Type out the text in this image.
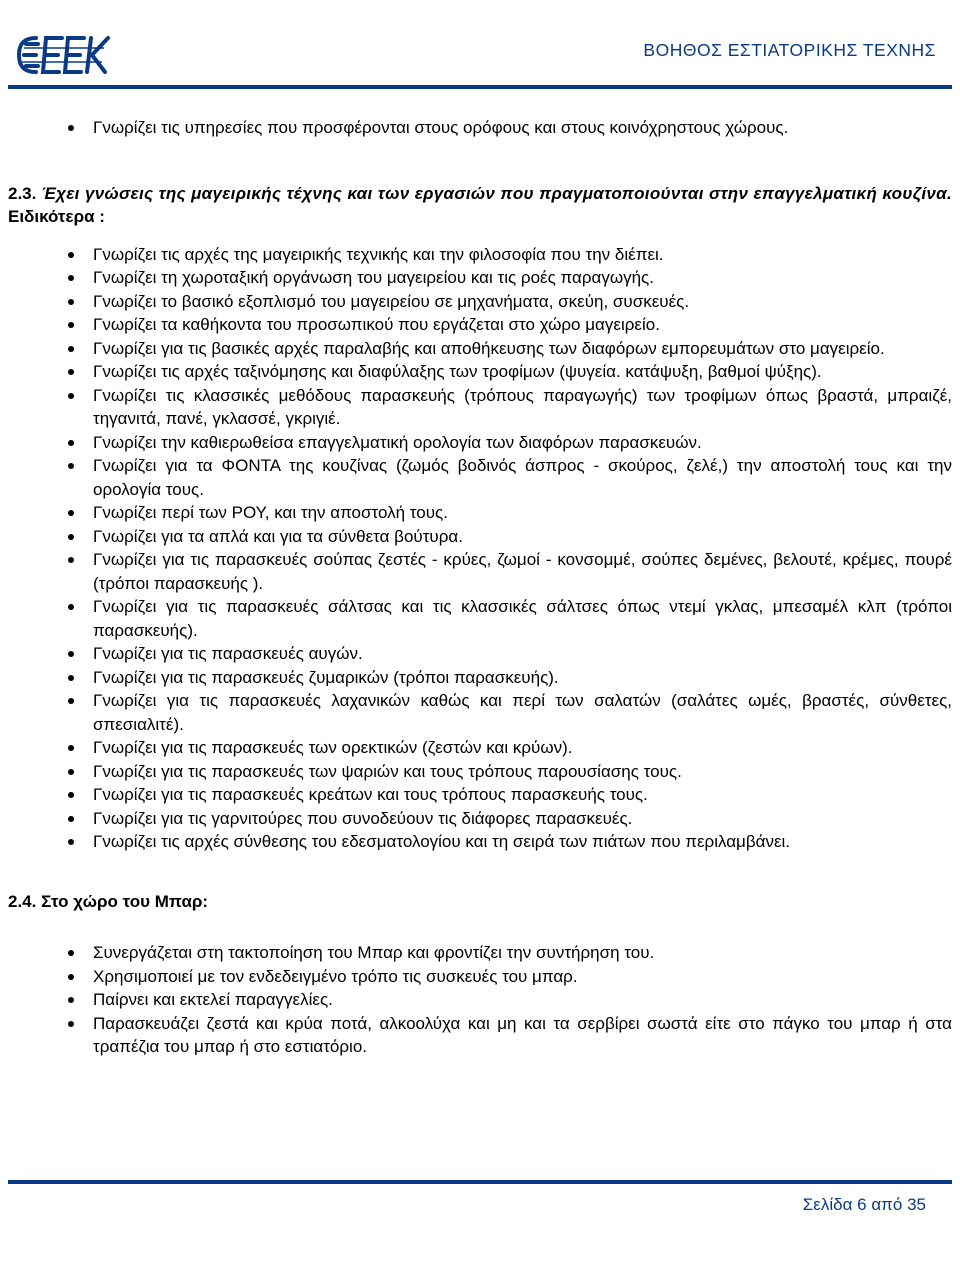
ΒΟΗΘΟΣ ΕΣΤΙΑΤΟΡΙΚΗΣ ΤΕΧΝΗΣ
Γνωρίζει τις υπηρεσίες που προσφέρονται στους ορόφους και στους κοινόχρηστους χώρους.
2.3. Έχει γνώσεις της μαγειρικής τέχνης και των εργασιών που πραγματοποιούνται στην επαγγελματική κουζίνα. Ειδικότερα :
Γνωρίζει τις αρχές της μαγειρικής τεχνικής και την φιλοσοφία που την διέπει.
Γνωρίζει τη χωροταξική οργάνωση του μαγειρείου και τις ροές παραγωγής.
Γνωρίζει το βασικό εξοπλισμό του μαγειρείου σε μηχανήματα, σκεύη, συσκευές.
Γνωρίζει τα καθήκοντα του προσωπικού που εργάζεται στο χώρο μαγειρείο.
Γνωρίζει για τις βασικές αρχές παραλαβής και αποθήκευσης των διαφόρων εμπορευμάτων στο μαγειρείο.
Γνωρίζει τις αρχές ταξινόμησης και διαφύλαξης των τροφίμων (ψυγεία. κατάψυξη, βαθμοί ψύξης).
Γνωρίζει τις κλασσικές μεθόδους παρασκευής (τρόπους παραγωγής) των τροφίμων όπως βραστά, μπραιζέ, τηγανιτά, πανέ, γκλασσέ, γκριγιέ.
Γνωρίζει την καθιερωθείσα επαγγελματική ορολογία των διαφόρων παρασκευών.
Γνωρίζει για τα ΦΟΝΤΑ της κουζίνας (ζωμός βοδινός άσπρος - σκούρος, ζελέ,) την αποστολή τους και την ορολογία τους.
Γνωρίζει περί των ΡΟΥ, και την αποστολή τους.
Γνωρίζει για τα απλά και για τα σύνθετα βούτυρα.
Γνωρίζει για τις παρασκευές σούπας ζεστές - κρύες, ζωμοί - κονσομμέ, σούπες δεμένες, βελουτέ, κρέμες, πουρέ (τρόποι παρασκευής ).
Γνωρίζει για τις παρασκευές σάλτσας και τις κλασσικές σάλτσες όπως ντεμί γκλας, μπεσαμέλ κλπ (τρόποι παρασκευής).
Γνωρίζει για τις παρασκευές αυγών.
Γνωρίζει για τις παρασκευές ζυμαρικών (τρόποι παρασκευής).
Γνωρίζει για τις παρασκευές λαχανικών καθώς και περί των σαλατών (σαλάτες ωμές, βραστές, σύνθετες, σπεσιαλιτέ).
Γνωρίζει για τις παρασκευές των ορεκτικών (ζεστών και κρύων).
Γνωρίζει για τις παρασκευές των ψαριών και τους τρόπους παρουσίασης τους.
Γνωρίζει για τις παρασκευές κρεάτων και τους τρόπους παρασκευής τους.
Γνωρίζει για τις γαρνιτούρες που συνοδεύουν τις διάφορες παρασκευές.
Γνωρίζει τις αρχές σύνθεσης του εδεσματολογίου και τη σειρά των πιάτων που περιλαμβάνει.
2.4. Στο χώρο του Μπαρ:
Συνεργάζεται στη τακτοποίηση του Μπαρ και φροντίζει την συντήρηση του.
Χρησιμοποιεί με τον ενδεδειγμένο τρόπο τις συσκευές του μπαρ.
Παίρνει και εκτελεί παραγγελίες.
Παρασκευάζει ζεστά και κρύα ποτά, αλκοολύχα και μη και τα σερβίρει σωστά είτε στο πάγκο του μπαρ ή στα τραπέζια του μπαρ ή στο εστιατόριο.
Σελίδα 6 από 35
